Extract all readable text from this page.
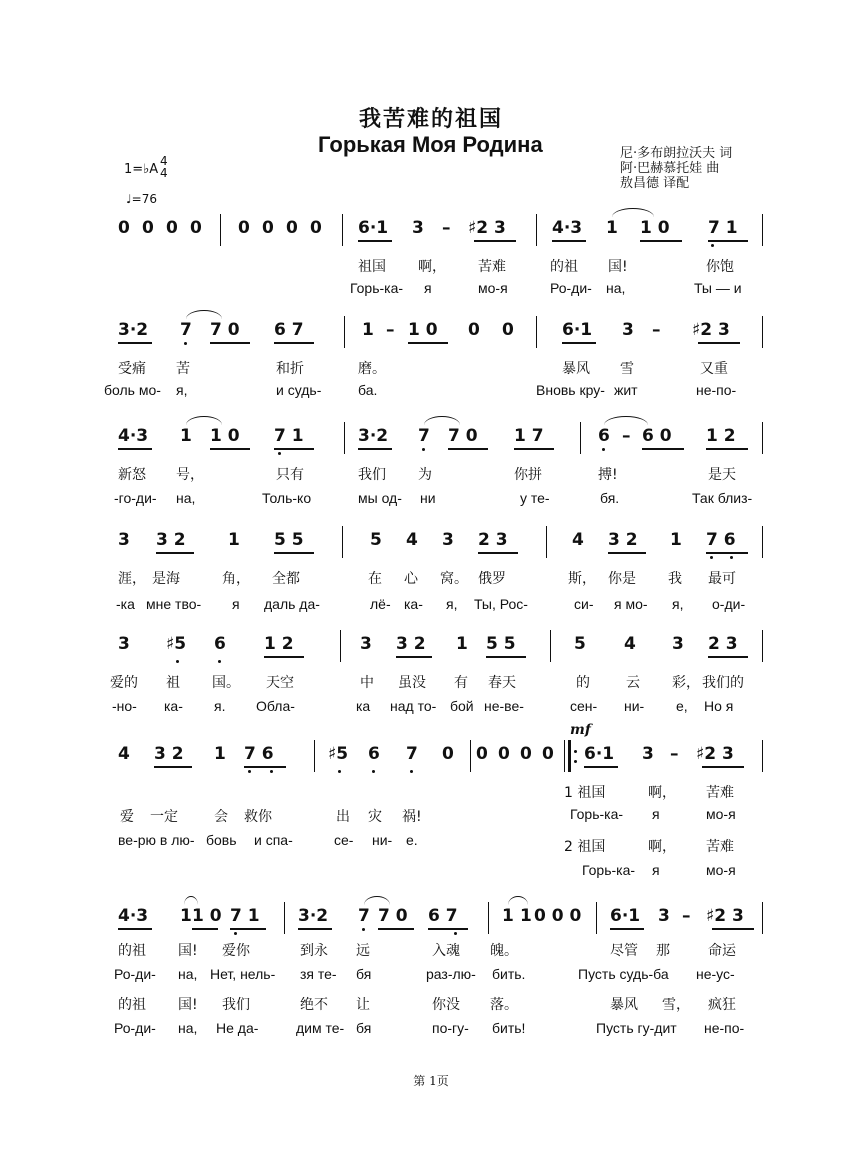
我苦难的祖国
Горькая Моя Родина	尼·多布朗拉沃夫 词
阿·巴赫慕托娃 曲
敖昌德 译配
1=♭A
4
4
♩=76
0 0 0 0 0 0 0 0 6·1 3 – ♯2 3	4·3 1 1 0 7 1
祖国 啊， 苦难	的祖 国!	你饱
Горь-ка- я	мо-я	Ро-ди- на,	Ты — и
3·2 7 7 0 6 7	1 – 1 0 0 0	6·1 3 – ♯2 3
受痛 苦	和折	磨。	暴风 雪	又重
боль мо- я,	и судь-	ба.	Вновь кру- жит	не-по-
4·3 1 1 0 7 1	3·2 7 7 0 1 7	6 – 6 0 1 2
新怒 号，	只有	我们 为	你拼	搏!	是天
-го-ди- на,	Толь-ко	мы од- ни	у те-	бя.	Так близ-
3 3 2 1 5 5	5 4 3 2 3	4 3 2 1 7 6
涯， 是海	角， 全都	在 心 窝。 俄罗	斯， 你是 我 最可
-ка мне тво- я даль да-	лё- ка- я, Ты, Рос-	си- я мо- я, о-ди-
3 ♯5 6 1 2	3 3 2 1 5 5	5 4 3 2 3
爱的 祖 国。 天空	中 虽没 有 春天	的	云 彩， 我们的
-но- ка- я. Обла-	ка над то- бой не-ве-	сен- ни- е, Но я
mf
4 3 2 1 7 6	♯5 6 7 0 0 0 0 0 6·1 3 – ♯2 3
爱 一定	会 救你	出 灾 祸!
ве-рю в лю- бовь и спа-	се- ни- е.
1 祖国	啊， 苦难
Горь-ка- я	мо-я
2 祖国	啊， 苦难
Горь-ка- я	мо-я
4·3 1 1 0 7 1 3·2 7 7 0 6 7	1 1 0 0 0 6·1 3 – ♯2 3
的祖 国! 爱你	到永 远	入魂 魄。	尽管 那	命运
Ро-ди- на, Нет, нель- зя те- бя	раз-лю- бить.	Пусть судь-ба не-ус-
的祖 国! 我们	绝不 让	你没 落。	暴风 雪， 疯狂
Ро-ди- на, Не да-	дим те- бя	по-гу- бить!	Пусть гу-дит не-по-
第 1页
